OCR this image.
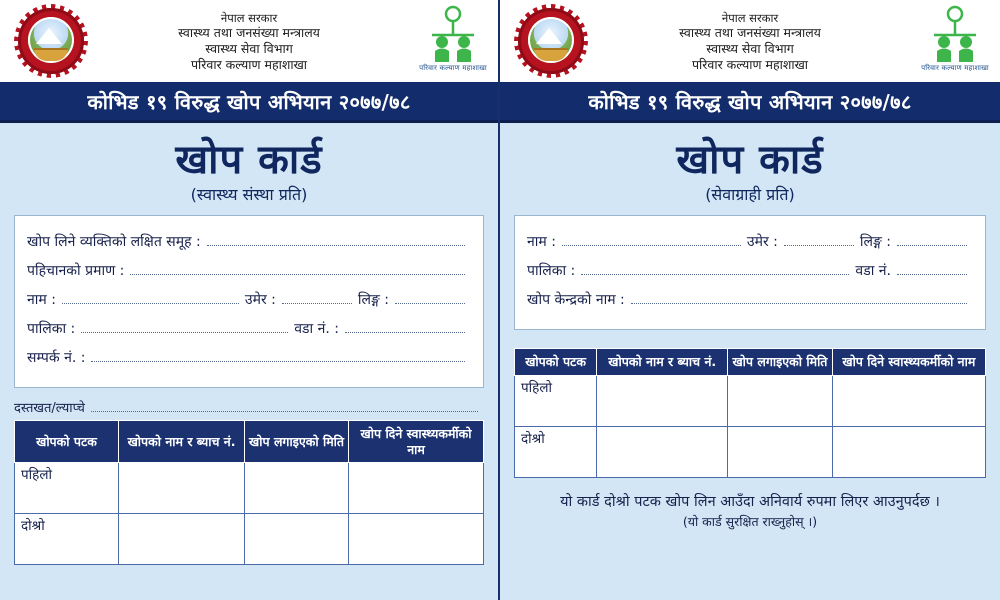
नेपाल सरकार
स्वास्थ्य तथा जनसंख्या मन्त्रालय
स्वास्थ्य सेवा विभाग
परिवार कल्याण महाशाखा	परिवार कल्याण महाशाखा
कोभिड १९ विरुद्ध खोप अभियान २०७७/७८
खोप कार्ड
(स्वास्थ्य संस्था प्रति)
खोप लिने व्यक्तिको लक्षित समूह :
पहिचानको प्रमाण :
नाम :	उमेर :	लिङ्ग :
पालिका :	वडा नं. :
सम्पर्क नं. :
दस्तखत/ल्याप्चे
खोपको पटक	खोपको नाम र ब्याच नं.	खोप लगाइएको मिति	खोप दिने स्वास्थ्यकर्मीको नाम
पहिलो			
दोश्रो			
नेपाल सरकार
स्वास्थ्य तथा जनसंख्या मन्त्रालय
स्वास्थ्य सेवा विभाग
परिवार कल्याण महाशाखा	परिवार कल्याण महाशाखा
कोभिड १९ विरुद्ध खोप अभियान २०७७/७८
खोप कार्ड
(सेवाग्राही प्रति)
नाम :	उमेर :	लिङ्ग :
पालिका :	वडा नं.
खोप केन्द्रको नाम :
खोपको पटक	खोपको नाम र ब्याच नं.	खोप लगाइएको मिति	खोप दिने स्वास्थ्यकर्मीको नाम
पहिलो			
दोश्रो			
यो कार्ड दोश्रो पटक खोप लिन आउँदा अनिवार्य रुपमा लिएर आउनुपर्दछ ।
(यो कार्ड सुरक्षित राख्नुहोस् ।)
